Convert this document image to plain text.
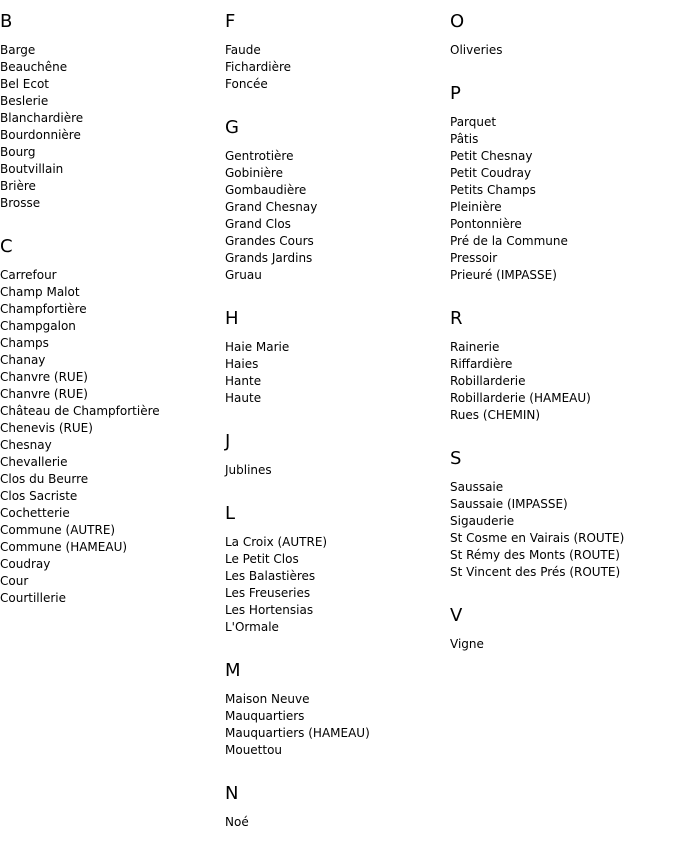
B
Barge
Beauchêne
Bel Ecot
Beslerie
Blanchardière
Bourdonnière
Bourg
Boutvillain
Brière
Brosse
C
Carrefour
Champ Malot
Champfortière
Champgalon
Champs
Chanay
Chanvre (RUE)
Chanvre (RUE)
Château de Champfortière
Chenevis (RUE)
Chesnay
Chevallerie
Clos du Beurre
Clos Sacriste
Cochetterie
Commune (AUTRE)
Commune (HAMEAU)
Coudray
Cour
Courtillerie
F
Faude
Fichardière
Foncée
G
Gentrotière
Gobinière
Gombaudière
Grand Chesnay
Grand Clos
Grandes Cours
Grands Jardins
Gruau
H
Haie Marie
Haies
Hante
Haute
J
Jublines
L
La Croix (AUTRE)
Le Petit Clos
Les Balastières
Les Freuseries
Les Hortensias
L'Ormale
M
Maison Neuve
Mauquartiers
Mauquartiers (HAMEAU)
Mouettou
N
Noé
O
Oliveries
P
Parquet
Pâtis
Petit Chesnay
Petit Coudray
Petits Champs
Pleinière
Pontonnière
Pré de la Commune
Pressoir
Prieuré (IMPASSE)
R
Rainerie
Riffardière
Robillarderie
Robillarderie (HAMEAU)
Rues (CHEMIN)
S
Saussaie
Saussaie (IMPASSE)
Sigauderie
St Cosme en Vairais (ROUTE)
St Rémy des Monts (ROUTE)
St Vincent des Prés (ROUTE)
V
Vigne
